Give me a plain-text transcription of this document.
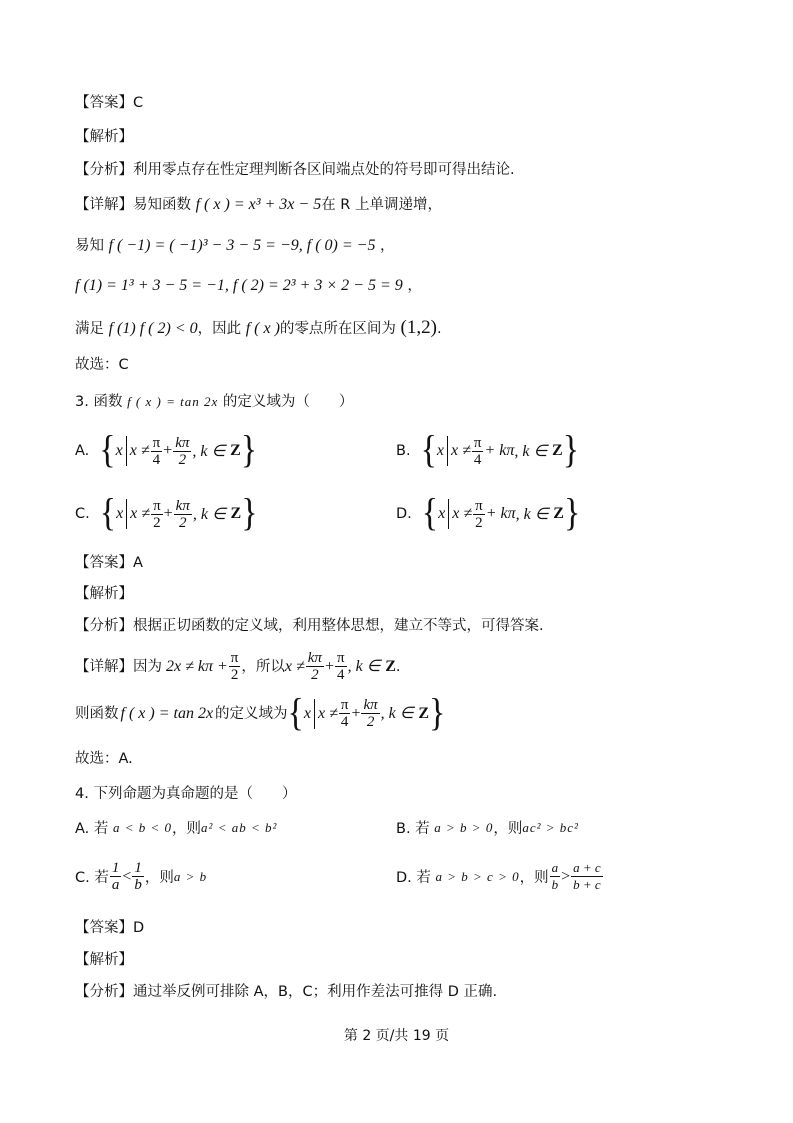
【答案】C
【解析】
【分析】利用零点存在性定理判断各区间端点处的符号即可得出结论.
【详解】易知函数 f ( x ) = x³ + 3x − 5在 R 上单调递增，
易知 f ( −1) = ( −1)³ − 3 − 5 = −9, f ( 0) = −5 ，
f (1) = 1³ + 3 − 5 = −1, f ( 2) = 2³ + 3 × 2 − 5 = 9 ，
满足 f (1) f ( 2) < 0，因此 f ( x )的零点所在区间为 (1,2).
故选：C
3. 函数 f ( x ) = tan 2x 的定义域为（　　）
A. { x $x \ne \frac{\pi}{4} + \frac{k\pi}{2}$ , k ∈
Z }	B. { x $x \ne \frac{\pi}{4} + k\pi$ , k ∈
Z }
C. { x $x \ne \frac{\pi}{2} + \frac{k\pi}{2}$ , k ∈
Z }	D. { x $x \ne \frac{\pi}{2} + k\pi$ , k ∈
Z }
【答案】A
【解析】
【分析】根据正切函数的定义域，利用整体思想，建立不等式，可得答案.
【详解】 因为 $2x \ne k\pi + \frac{\pi}{2}$ ，所以 $x \ne \frac{k\pi}{2} + \frac{\pi}{4}$ , k ∈
Z .
则函数 f ( x ) = tan 2x 的定义域为 { x $x \ne \frac{\pi}{4} + \frac{k\pi}{2}$ , k ∈
Z }
故选：A.
4. 下列命题为真命题的是（　　）
A. 若
a < b < 0 ，则 a² < ab < b²	B. 若
a > b > 0 ，则 ac² > bc²
C. 若 $\frac{1}{a} < \frac{1}{b}$ ，则 a > b	D. 若
a > b > c > 0 ，则 $\frac{a}{b} > \frac{a + c}{b + c}$
【答案】D
【解析】
【分析】通过举反例可排除 A，B，C；利用作差法可推得 D 正确.
第 2 页/共 19 页
